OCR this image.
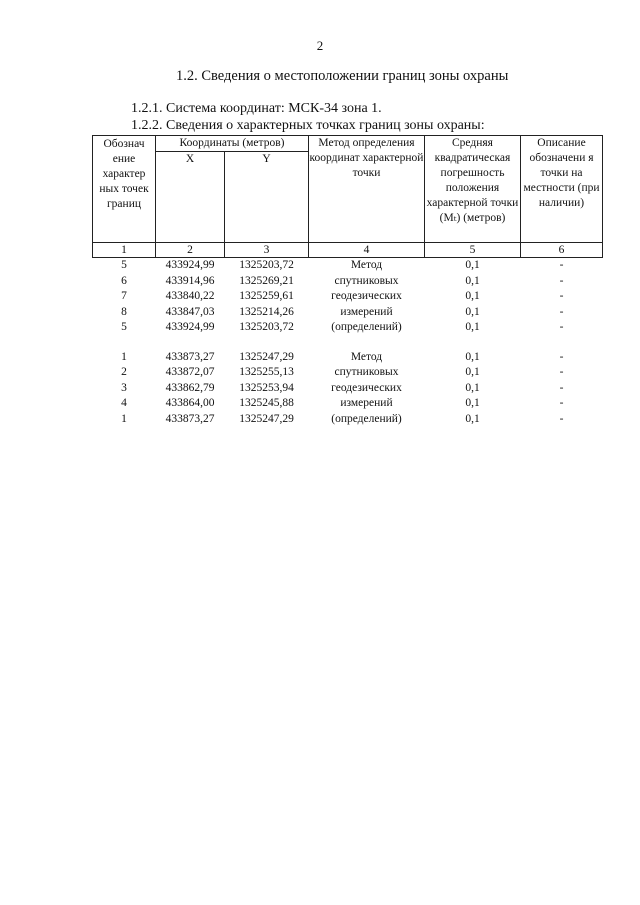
2
1.2. Сведения о местоположении границ зоны охраны
1.2.1. Система координат: МСК-34 зона 1.
1.2.2. Сведения о характерных точках границ зоны охраны:
Обознач ение характер ных точек границ	Координаты (метров)		Метод определения координат характерной точки	Средняя квадратическая погрешность положения характерной точки (Mₜ) (метров)	Описание обозначени я точки на местности (при наличии)
	X	Y			
1	2	3	4	5	6
5	433924,99	1325203,72	Метод	0,1	-
6	433914,96	1325269,21	спутниковых	0,1	-
7	433840,22	1325259,61	геодезических	0,1	-
8	433847,03	1325214,26	измерений	0,1	-
5	433924,99	1325203,72	(определений)	0,1	-

1	433873,27	1325247,29	Метод	0,1	-
2	433872,07	1325255,13	спутниковых	0,1	-
3	433862,79	1325253,94	геодезических	0,1	-
4	433864,00	1325245,88	измерений	0,1	-
1	433873,27	1325247,29	(определений)	0,1	-
